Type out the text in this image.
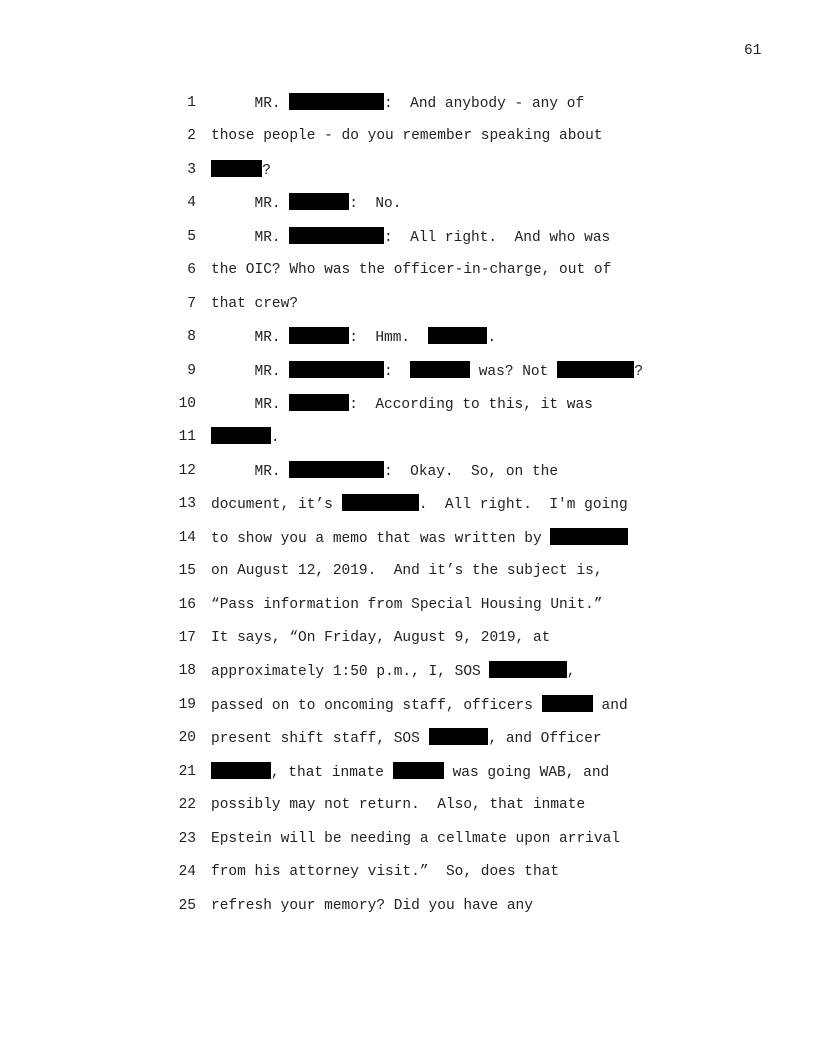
61
1 MR.	:  And anybody - any of
2 those people - do you remember speaking about
3	?
4 MR.	:  No.
5 MR.	:  All right.  And who was
6 the OIC? Who was the officer-in-charge, out of
7 that crew?
8 MR.	:  Hmm.	.
9 MR.	:	was? Not	?
10 MR.	:  According to this, it was
11	.
12 MR.	:  Okay.  So, on the
13 document, it’s	.  All right.  I'm going
14 to show you a memo that was written by
15 on August 12, 2019.  And it’s the subject is,
16 “Pass information from Special Housing Unit.”
17 It says, “On Friday, August 9, 2019, at
18 approximately 1:50 p.m., I, SOS	,
19 passed on to oncoming staff, officers	and
20 present shift staff, SOS	, and Officer
21	, that inmate	was going WAB, and
22 possibly may not return.  Also, that inmate
23 Epstein will be needing a cellmate upon arrival
24 from his attorney visit.”  So, does that
25 refresh your memory? Did you have any
